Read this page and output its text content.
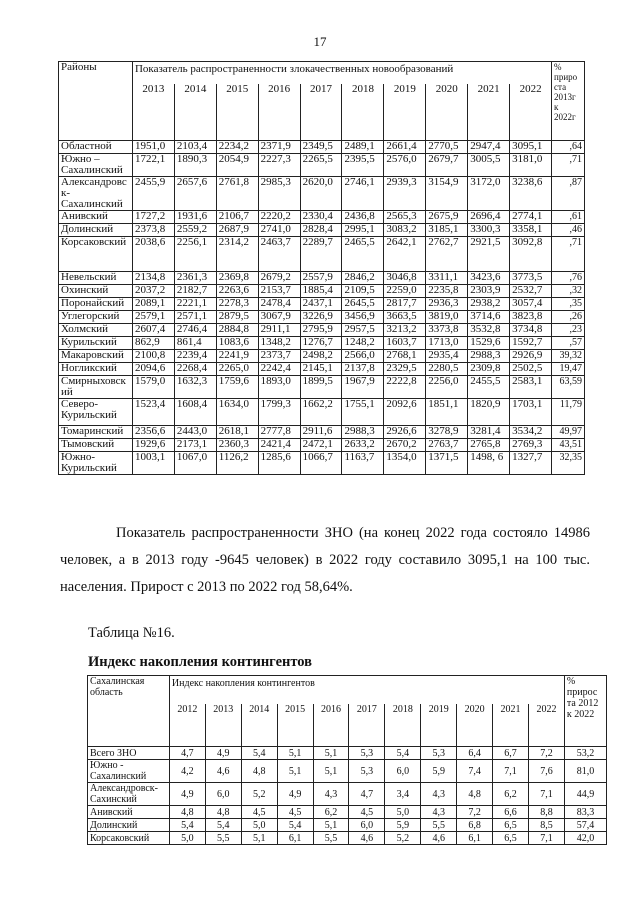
17
Районы	Показатель распространенности злокачественных новообразований										% приро ста 2013г к 2022г
	2013	2014	2015	2016	2017	2018	2019	2020	2021	2022	
Областной	1951,0	2103,4	2234,2	2371,9	2349,5	2489,1	2661,4	2770,5	2947,4	3095,1	,64
Южно – Сахалинский	1722,1	1890,3	2054,9	2227,3	2265,5	2395,5	2576,0	2679,7	3005,5	3181,0	,71
Александровс к-Сахалинский	2455,9	2657,6	2761,8	2985,3	2620,0	2746,1	2939,3	3154,9	3172,0	3238,6	,87
Анивский	1727,2	1931,6	2106,7	2220,2	2330,4	2436,8	2565,3	2675,9	2696,4	2774,1	,61
Долинский	2373,8	2559,2	2687,9	2741,0	2828,4	2995,1	3083,2	3185,1	3300,3	3358,1	,46
Корсаковский	2038,6	2256,1	2314,2	2463,7	2289,7	2465,5	2642,1	2762,7	2921,5	3092,8	,71
Невельский	2134,8	2361,3	2369,8	2679,2	2557,9	2846,2	3046,8	3311,1	3423,6	3773,5	,76
Охинский	2037,2	2182,7	2263,6	2153,7	1885,4	2109,5	2259,0	2235,8	2303,9	2532,7	,32
Поронайский	2089,1	2221,1	2278,3	2478,4	2437,1	2645,5	2817,7	2936,3	2938,2	3057,4	,35
Углегорский	2579,1	2571,1	2879,5	3067,9	3226,9	3456,9	3663,5	3819,0	3714,6	3823,8	,26
Холмский	2607,4	2746,4	2884,8	2911,1	2795,9	2957,5	3213,2	3373,8	3532,8	3734,8	,23
Курильский	862,9	861,4	1083,6	1348,2	1276,7	1248,2	1603,7	1713,0	1529,6	1592,7	,57
Макаровский	2100,8	2239,4	2241,9	2373,7	2498,2	2566,0	2768,1	2935,4	2988,3	2926,9	39,32
Ногликский	2094,6	2268,4	2265,0	2242,4	2145,1	2137,8	2329,5	2280,5	2309,8	2502,5	19,47
Смирныховск ий	1579,0	1632,3	1759,6	1893,0	1899,5	1967,9	2222,8	2256,0	2455,5	2583,1	63,59
Северо- Курильский	1523,4	1608,4	1634,0	1799,3	1662,2	1755,1	2092,6	1851,1	1820,9	1703,1	11,79
Томаринский	2356,6	2443,0	2618,1	2777,8	2911,6	2988,3	2926,6	3278,9	3281,4	3534,2	49,97
Тымовский	1929,6	2173,1	2360,3	2421,4	2472,1	2633,2	2670,2	2763,7	2765,8	2769,3	43,51
Южно- Курильский	1003,1	1067,0	1126,2	1285,6	1066,7	1163,7	1354,0	1371,5	1498, 6	1327,7	32,35
Показатель распространенности ЗНО (на конец 2022 года состояло 14986 человек, а в 2013 году -9645 человек) в 2022 году составило 3095,1 на 100 тыс. населения. Прирост с 2013 по 2022 год 58,64%.
Таблица №16.
Индекс накопления контингентов
Сахалинская область	Индекс накопления контингентов											% прирос та 2012 к 2022
	2012	2013	2014	2015	2016	2017	2018	2019	2020	2021	2022	
Всего ЗНО	4,7	4,9	5,4	5,1	5,1	5,3	5,4	5,3	6,4	6,7	7,2	53,2
Южно - Сахалинский	4,2	4,6	4,8	5,1	5,1	5,3	6,0	5,9	7,4	7,1	7,6	81,0
Александровск-Сахинский	4,9	6,0	5,2	4,9	4,3	4,7	3,4	4,3	4,8	6,2	7,1	44,9
Анивский	4,8	4,8	4,5	4,5	6,2	4,5	5,0	4,3	7,2	6,6	8,8	83,3
Долинский	5,4	5,4	5,0	5,4	5,1	6,0	5,9	5,5	6,8	6,5	8,5	57,4
Корсаковский	5,0	5,5	5,1	6,1	5,5	4,6	5,2	4,6	6,1	6,5	7,1	42,0
